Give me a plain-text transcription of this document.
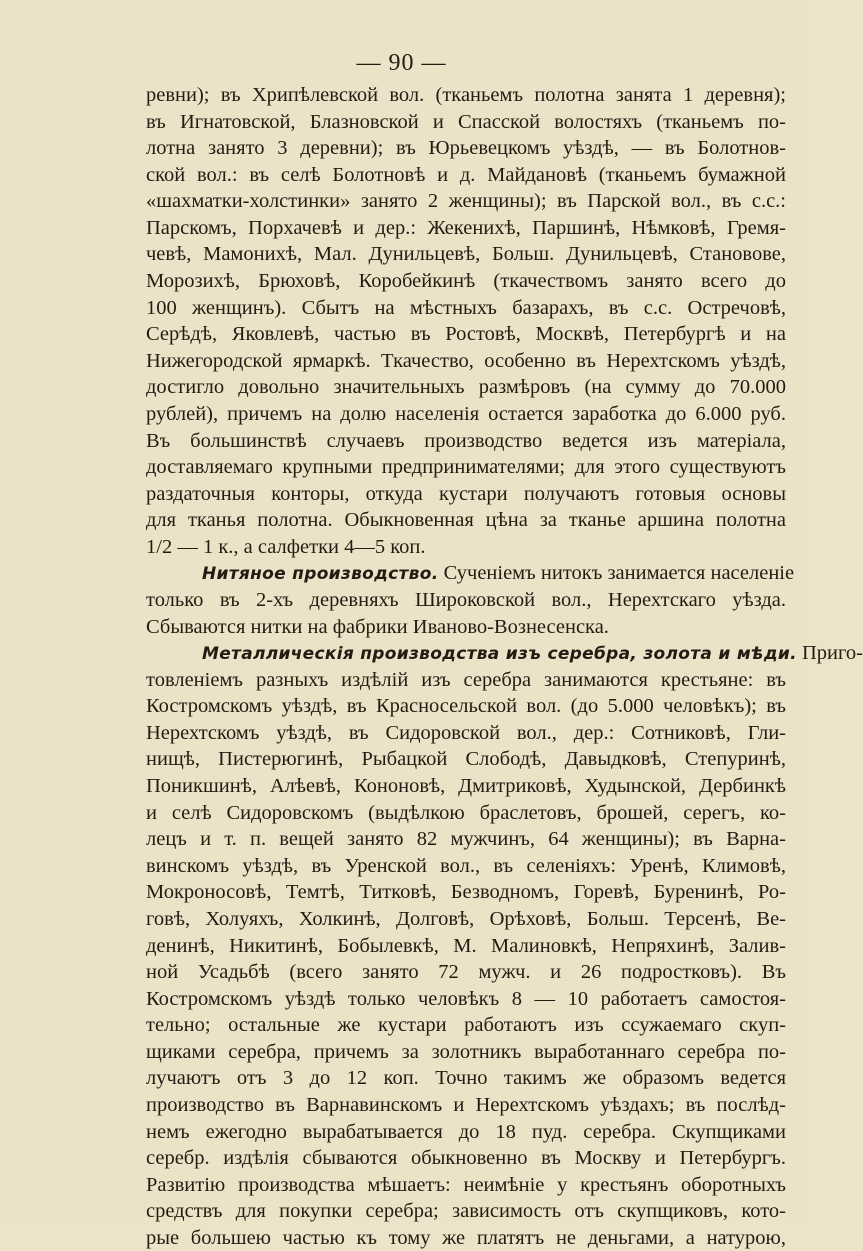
— 90 —
ревни); въ Хрипѣлевской вол. (тканьемъ полотна занята 1 деревня);
въ Игнатовской, Блазновской и Спасской волостяхъ (тканьемъ по-
лотна занято 3 деревни); въ Юрьевецкомъ уѣздѣ, — въ Болотнов-
ской вол.: въ селѣ Болотновѣ и д. Майдановѣ (тканьемъ бумажной
«шахматки-холстинки» занято 2 женщины); въ Парской вол., въ с.с.:
Парскомъ, Порхачевѣ и дер.: Жекенихѣ, Паршинѣ, Нѣмковѣ, Гремя-
чевѣ, Мамонихѣ, Мал. Дунильцевѣ, Больш. Дунильцевѣ, Становове,
Морозихѣ, Брюховѣ, Коробейкинѣ (ткачествомъ занято всего до
100 женщинъ). Сбытъ на мѣстныхъ базарахъ, въ с.с. Остречовѣ,
Серѣдѣ, Яковлевѣ, частью въ Ростовѣ, Москвѣ, Петербургѣ и на
Нижегородской ярмаркѣ. Ткачество, особенно въ Нерехтскомъ уѣздѣ,
достигло довольно значительныхъ размѣровъ (на сумму до 70.000
рублей), причемъ на долю населенія остается заработка до 6.000 руб.
Въ большинствѣ случаевъ производство ведется изъ матеріала,
доставляемаго крупными предпринимателями; для этого существуютъ
раздаточныя конторы, откуда кустари получаютъ готовыя основы
для тканья полотна. Обыкновенная цѣна за тканье аршина полотна
1/2 — 1 к., а салфетки 4—5 коп.
Нитяное производство. Сученіемъ нитокъ занимается населеніе
только въ 2-хъ деревняхъ Широковской вол., Нерехтскаго уѣзда.
Сбываются нитки на фабрики Иваново-Вознесенска.
Металлическія производства изъ серебра, золота и мѣди. Приго-
товленіемъ разныхъ издѣлій изъ серебра занимаются крестьяне: въ
Костромскомъ уѣздѣ, въ Красносельской вол. (до 5.000 человѣкъ); въ
Нерехтскомъ уѣздѣ, въ Сидоровской вол., дер.: Сотниковѣ, Гли-
нищѣ, Пистерюгинѣ, Рыбацкой Слободѣ, Давыдковѣ, Степуринѣ,
Поникшинѣ, Алѣевѣ, Кононовѣ, Дмитриковѣ, Худынской, Дербинкѣ
и селѣ Сидоровскомъ (выдѣлкою браслетовъ, брошей, серегъ, ко-
лецъ и т. п. вещей занято 82 мужчинъ, 64 женщины); въ Варна-
винскомъ уѣздѣ, въ Уренской вол., въ селеніяхъ: Уренѣ, Климовѣ,
Мокроносовѣ, Темтѣ, Титковѣ, Безводномъ, Горевѣ, Буренинѣ, Ро-
говѣ, Холуяхъ, Холкинѣ, Долговѣ, Орѣховѣ, Больш. Терсенѣ, Ве-
денинѣ, Никитинѣ, Бобылевкѣ, М. Малиновкѣ, Непряхинѣ, Залив-
ной Усадьбѣ (всего занято 72 мужч. и 26 подростковъ). Въ
Костромскомъ уѣздѣ только человѣкъ 8 — 10 работаетъ самостоя-
тельно; остальные же кустари работаютъ изъ ссужаемаго скуп-
щиками серебра, причемъ за золотникъ выработаннаго серебра по-
лучаютъ отъ 3 до 12 коп. Точно такимъ же образомъ ведется
производство въ Варнавинскомъ и Нерехтскомъ уѣздахъ; въ послѣд-
немъ ежегодно вырабатывается до 18 пуд. серебра. Скупщиками
серебр. издѣлія сбываются обыкновенно въ Москву и Петербургъ.
Развитію производства мѣшаетъ: неимѣніе у крестьянъ оборотныхъ
средствъ для покупки серебра; зависимость отъ скупщиковъ, кото-
рые большею частью къ тому же платятъ не деньгами, а натурою,
